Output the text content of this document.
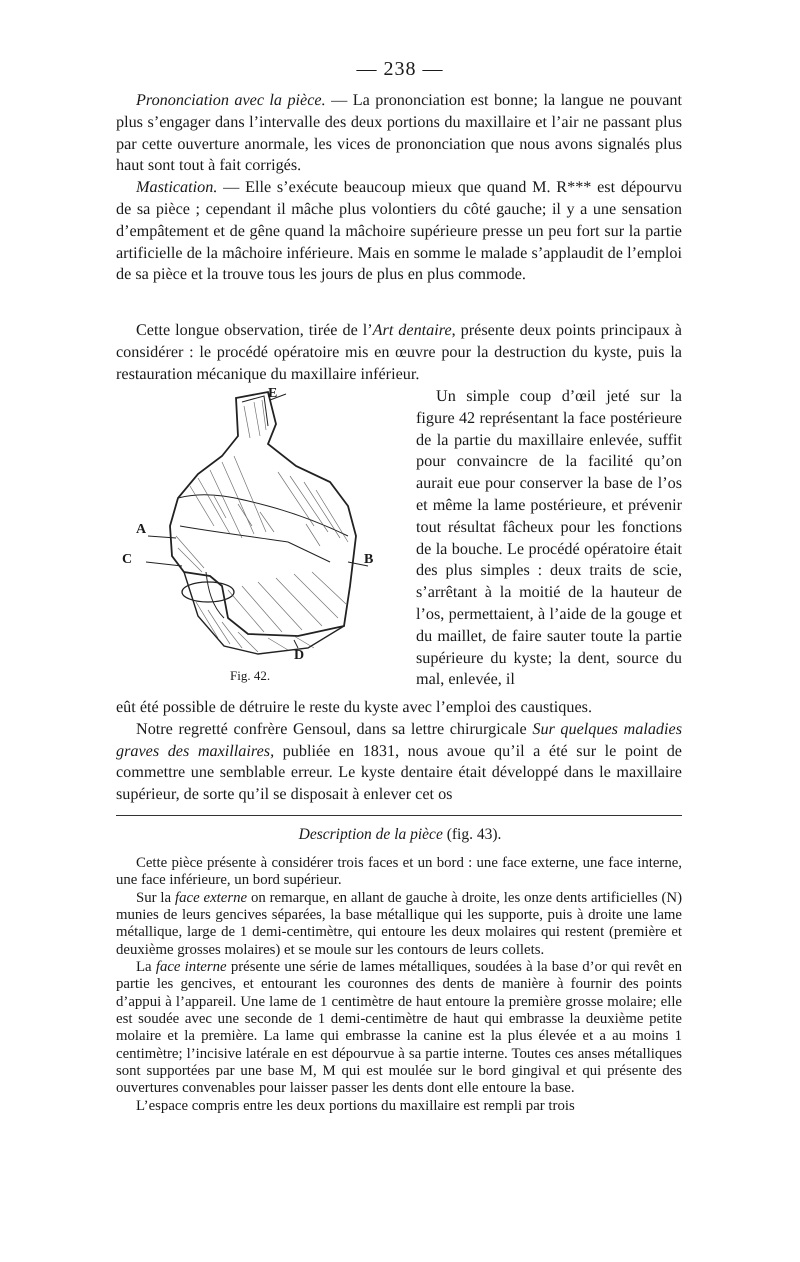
— 238 —

Prononciation avec la pièce. — La prononciation est bonne; la langue ne pouvant plus s’engager dans l’intervalle des deux portions du maxillaire et l’air ne passant plus par cette ouverture anormale, les vices de prononciation que nous avons signalés plus haut sont tout à fait corrigés.

Mastication. — Elle s’exécute beaucoup mieux que quand M. R*** est dépourvu de sa pièce ; cependant il mâche plus volontiers du côté gauche; il y a une sensation d’empâtement et de gêne quand la mâchoire supérieure presse un peu fort sur la partie artificielle de la mâchoire inférieure. Mais en somme le malade s’applaudit de l’emploi de sa pièce et la trouve tous les jours de plus en plus commode.

Cette longue observation, tirée de l’Art dentaire, présente deux points principaux à considérer : le procédé opératoire mis en œuvre pour la destruction du kyste, puis la restauration mécanique du maxillaire inférieur.

E
A
C	B
D
Fig. 42.

Un simple coup d’œil jeté sur la figure 42 représentant la face postérieure de la partie du maxillaire enlevée, suffit pour convaincre de la facilité qu’on aurait eue pour conserver la base de l’os et même la lame postérieure, et prévenir tout résultat fâcheux pour les fonctions de la bouche. Le procédé opératoire était des plus simples : deux traits de scie, s’arrêtant à la moitié de la hauteur de l’os, permettaient, à l’aide de la gouge et du maillet, de faire sauter toute la partie supérieure du kyste; la dent, source du mal, enlevée, il

eût été possible de détruire le reste du kyste avec l’emploi des caustiques.

Notre regretté confrère Gensoul, dans sa lettre chirurgicale Sur quelques maladies graves des maxillaires, publiée en 1831, nous avoue qu’il a été sur le point de commettre une semblable erreur. Le kyste dentaire était développé dans le maxillaire supérieur, de sorte qu’il se disposait à enlever cet os

Description de la pièce (fig. 43).

Cette pièce présente à considérer trois faces et un bord : une face externe, une face interne, une face inférieure, un bord supérieur.

Sur la face externe on remarque, en allant de gauche à droite, les onze dents artificielles (N) munies de leurs gencives séparées, la base métallique qui les supporte, puis à droite une lame métallique, large de 1 demi-centimètre, qui entoure les deux molaires qui restent (première et deuxième grosses molaires) et se moule sur les contours de leurs collets.

La face interne présente une série de lames métalliques, soudées à la base d’or qui revêt en partie les gencives, et entourant les couronnes des dents de manière à fournir des points d’appui à l’appareil. Une lame de 1 centimètre de haut entoure la première grosse molaire; elle est soudée avec une seconde de 1 demi-centimètre de haut qui embrasse la deuxième petite molaire et la première. La lame qui embrasse la canine est la plus élevée et a au moins 1 centimètre; l’incisive latérale en est dépourvue à sa partie interne. Toutes ces anses métalliques sont supportées par une base M, M qui est moulée sur le bord gingival et qui présente des ouvertures convenables pour laisser passer les dents dont elle entoure la base.

L’espace compris entre les deux portions du maxillaire est rempli par trois
